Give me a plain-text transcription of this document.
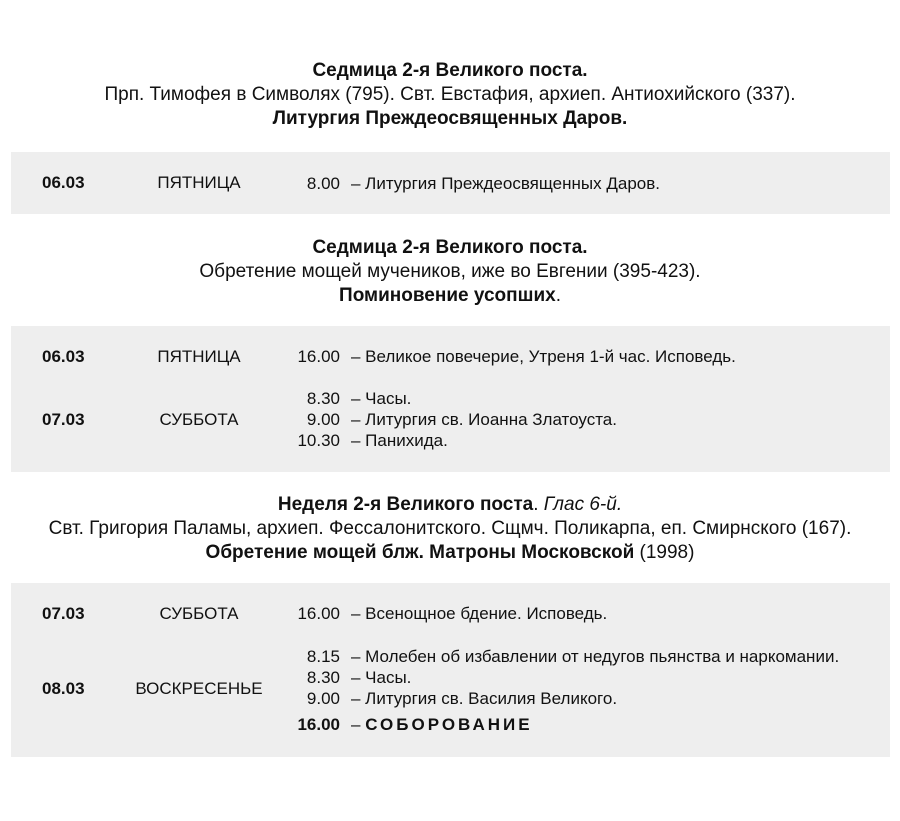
Седмица 2-я Великого поста.
Прп. Тимофея в Символях (795). Свт. Евстафия, архиеп. Антиохийского (337).
Литургия Преждеосвященных Даров.
06.03	ПЯТНИЦА	8.00 – Литургия Преждеосвященных Даров.
Седмица 2-я Великого поста.
Обретение мощей мучеников, иже во Евгении (395-423).
Поминовение усопших.
06.03	ПЯТНИЦА	16.00 – Великое повечерие, Утреня 1-й час. Исповедь.
07.03	СУББОТА
8.30 – Часы.
9.00 – Литургия св. Иоанна Златоуста.
10.30 – Панихида.
Неделя 2-я Великого поста. Глас 6-й.
Свт. Григория Паламы, архиеп. Фессалонитского. Сщмч. Поликарпа, еп. Смирнского (167).
Обретение мощей блж. Матроны Московской (1998)
07.03	СУББОТА	16.00 – Всенощное бдение. Исповедь.
08.03	ВОСКРЕСЕНЬЕ
8.15 – Молебен об избавлении от недугов пьянства и наркомании.
8.30 – Часы.
9.00 – Литургия св. Василия Великого.
16.00 – СОБОРОВАНИЕ
